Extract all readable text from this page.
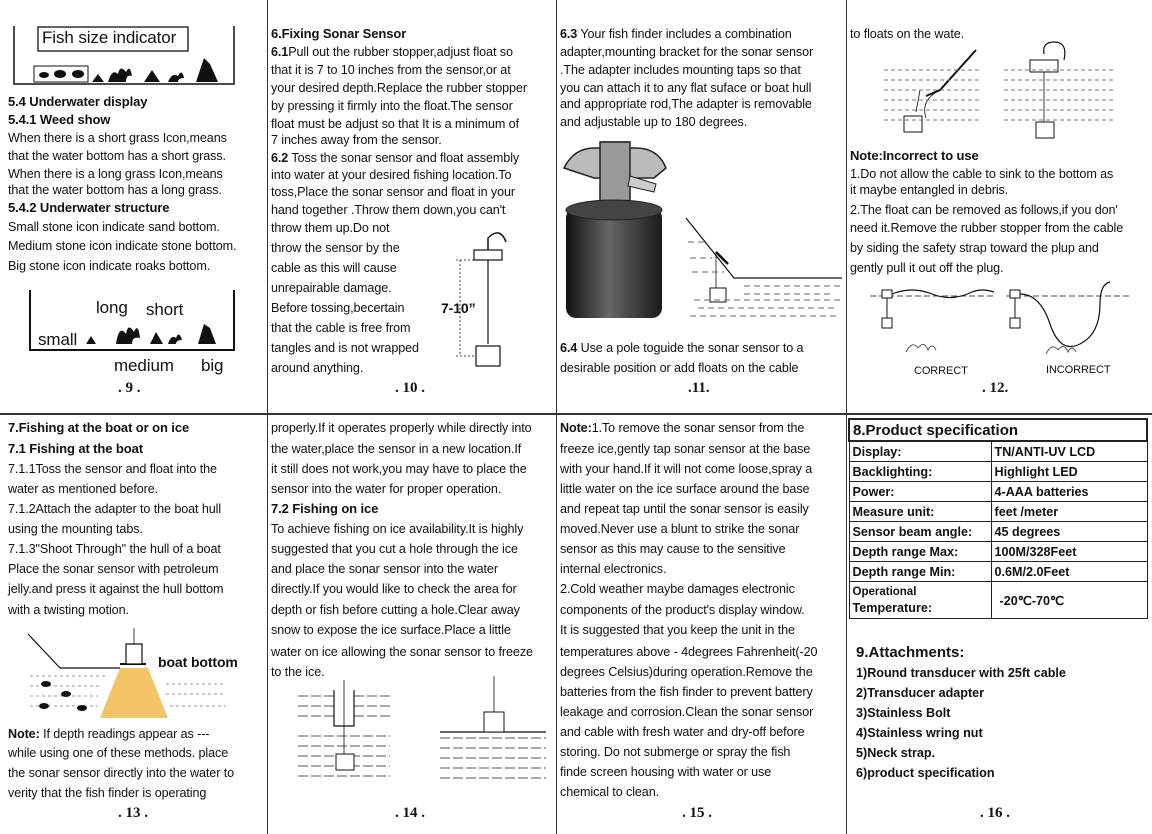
Fish size indicator
5.4 Underwater display
5.4.1 Weed show
When there is a short grass Icon,means
that the water bottom has a short grass.
When there is a long grass Icon,means
that the water bottom has a long grass.
5.4.2 Underwater structure
Small stone icon indicate sand bottom.
Medium stone icon indicate stone bottom.
Big stone icon indicate roaks bottom.
long short
small
medium big
. 9 .
6.Fixing Sonar Sensor
6.1Pull out the rubber stopper,adjust float so
that it is 7 to 10 inches from the sensor,or at
your desired depth.Replace the rubber stopper
by pressing it firmly into the float.The sensor
float must be adjust so that It is a minimum of
7 inches away from the sensor.
6.2 Toss the sonar sensor and float assembly
into water at your desired fishing location.To
toss,Place the sonar sensor and float in your
hand together .Throw them down,you can't
throw them up.Do not
throw the sensor by the
cable as this will cause
unrepairable damage.
Before tossing,becertain
that the cable is free from
tangles and is not wrapped
around anything.
7-10”
. 10 .
6.3 Your fish finder includes a combination
adapter,mounting bracket for the sonar sensor
.The adapter includes mounting taps so that
you can attach it to any flat suface or boat hull
and appropriate rod,The adapter is removable
and adjustable up to 180 degrees.
6.4 Use a pole toguide the sonar sensor to a
desirable position or add floats on the cable
.11.
to floats on the wate.
Note:Incorrect to use
1.Do not allow the cable to sink to the bottom as
it maybe entangled in debris.
2.The float can be removed as follows,if you don'
need it.Remove the rubber stopper from the cable
by siding the safety strap toward the plup and
gently pull it out off the plug.
CORRECT	INCORRECT
. 12.
7.Fishing at the boat or on ice
7.1 Fishing at the boat
7.1.1Toss the sensor and float into the
water as mentioned before.
7.1.2Attach the adapter to the boat hull
using the mounting tabs.
7.1.3"Shoot Through" the hull of a boat
Place the sonar sensor with petroleum
jelly.and press it against the hull bottom
with a twisting motion.
boat bottom
Note: If depth readings appear as ---
while using one of these methods. place
the sonar sensor directly into the water to
verity that the fish finder is operating
. 13 .
properly.If it operates properly while directly into
the water,place the sensor in a new location.If
it still does not work,you may have to place the
sensor into the water for proper operation.
7.2 Fishing on ice
To achieve fishing on ice availability.It is highly
suggested that you cut a hole through the ice
and place the sonar sensor into the water
directly.If you would like to check the area for
depth or fish before cutting a hole.Clear away
snow to expose the ice surface.Place a little
water on ice allowing the sonar sensor to freeze
to the ice.
. 14 .
Note:1.To remove the sonar sensor from the
freeze ice,gently tap sonar sensor at the base
with your hand.If it will not come loose,spray a
little water on the ice surface around the base
and repeat tap until the sonar sensor is easily
moved.Never use a blunt to strike the sonar
sensor as this may cause to the sensitive
internal electronics.
2.Cold weather maybe damages electronic
components of the product's display window.
It is suggested that you keep the unit in the
temperatures above - 4degrees Fahrenheit(-20
degrees Celsius)during operation.Remove the
batteries from the fish finder to prevent battery
leakage and corrosion.Clean the sonar sensor
and cable with fresh water and dry-off before
storing. Do not submerge or spray the fish
finde screen housing with water or use
chemical to clean.
. 15 .
8.Product specification	
Display:	TN/ANTI-UV LCD
Backlighting:	Highlight LED
Power:	4-AAA batteries
Measure unit:	feet /meter
Sensor beam angle:	45 degrees
Depth range Max:	100M/328Feet
Depth range Min:	0.6M/2.0Feet

Operational
Temperature:	-20℃-70℃
9.Attachments:
1)Round transducer with 25ft cable
2)Transducer adapter
3)Stainless Bolt
4)Stainless wring nut
5)Neck strap.
6)product specification
. 16 .
